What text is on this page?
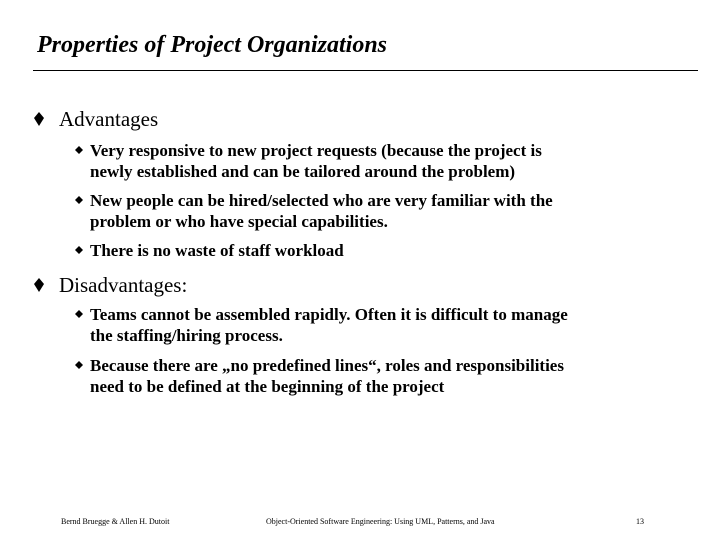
Properties of Project Organizations
Advantages
Very responsive to new project requests (because the project is
newly established and can be tailored around the problem)
New people can be hired/selected who are very familiar with the
problem or who have special capabilities.
There is no waste of staff workload
Disadvantages:
Teams cannot be assembled rapidly. Often it is difficult to manage
the staffing/hiring process.
Because there are „no predefined lines“, roles and responsibilities
need to be defined at the beginning of the project
Bernd Bruegge & Allen H. Dutoit	Object-Oriented Software Engineering: Using UML, Patterns, and Java	13
